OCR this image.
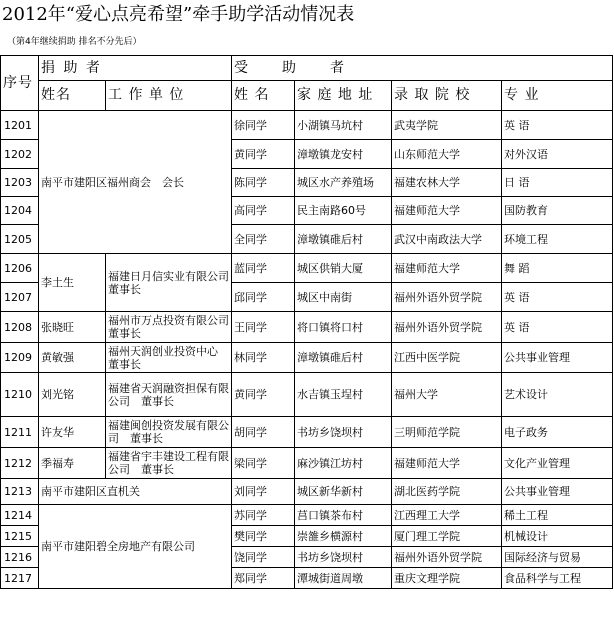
2012年“爱心点亮希望”牵手助学活动情况表
（第4年继续捐助 排名不分先后）
序号	捐 助 者		受　　助　　者			
	姓名	工 作 单 位	姓 名	家 庭 地 址	录 取 院 校	专 业
1201	南平市建阳区福州商会　会长		徐同学	小湖镇马坑村	武夷学院	英 语
1202			黄同学	漳墩镇龙安村	山东师范大学	对外汉语
1203			陈同学	城区水产养殖场	福建农林大学	日 语
1204			高同学	民主南路60号	福建师范大学	国防教育
1205			全同学	漳墩镇碓后村	武汉中南政法大学	环境工程
1206	李土生	福建日月信实业有限公司　董事长	蓝同学	城区供销大厦	福建师范大学	舞 蹈
1207			邱同学	城区中南街	福州外语外贸学院	英 语
1208	张晓旺	福州市万点投资有限公司　董事长	王同学	将口镇将口村	福州外语外贸学院	英 语
1209	黄敏强	福州天润创业投资中心　董事长	林同学	漳墩镇碓后村	江西中医学院	公共事业管理
1210	刘光铭	福建省天润融资担保有限公司　董事长	黄同学	水吉镇玉埕村	福州大学	艺术设计
1211	许友华	福建闽创投资发展有限公司　董事长	胡同学	书坊乡饶坝村	三明师范学院	电子政务
1212	季福寿	福建省宇丰建设工程有限公司　董事长	梁同学	麻沙镇江坊村	福建师范大学	文化产业管理
1213	南平市建阳区直机关		刘同学	城区新华新村	湖北医药学院	公共事业管理
1214	南平市建阳碧全房地产有限公司		苏同学	莒口镇茶布村	江西理工大学	稀土工程
1215			樊同学	崇雒乡横源村	厦门理工学院	机械设计
1216			饶同学	书坊乡饶坝村	福州外语外贸学院	国际经济与贸易
1217			郑同学	潭城街道周墩	重庆文理学院	食品科学与工程
